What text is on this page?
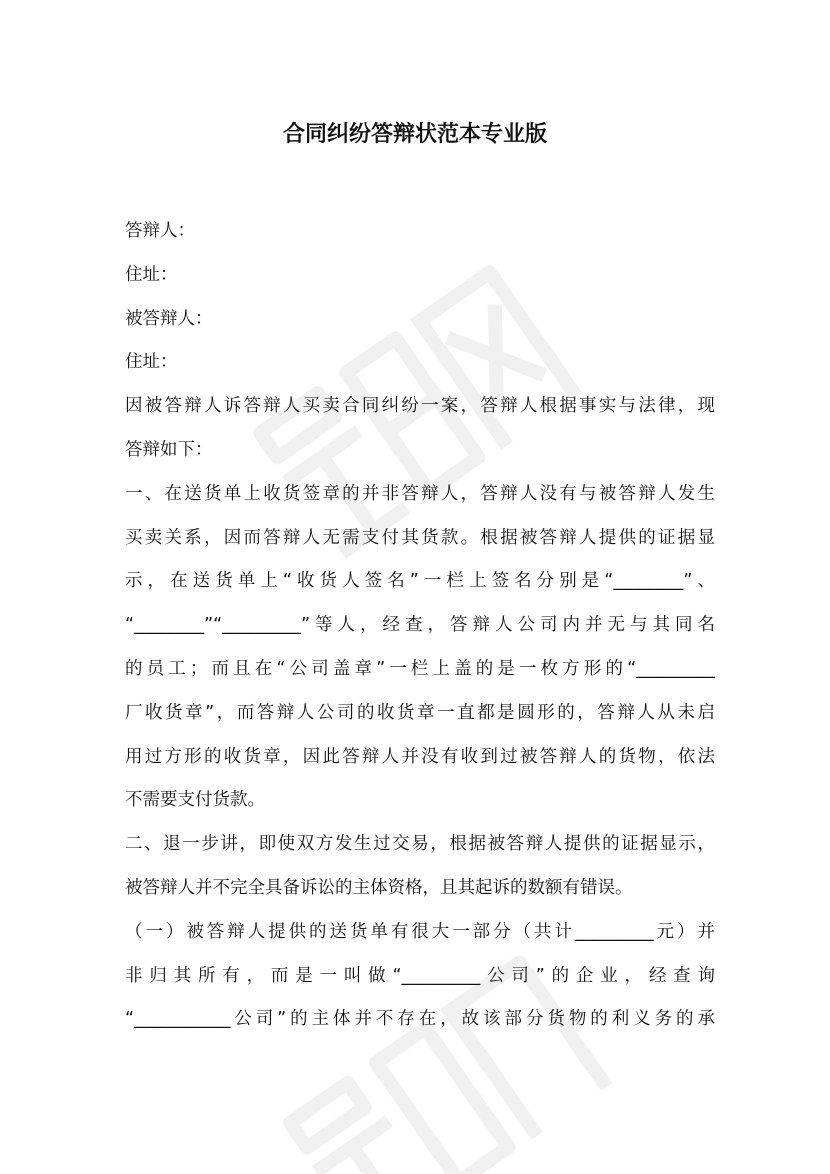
合同纠纷答辩状范本专业版
答辩人：
住址：
被答辩人：
住址：
因被答辩人诉答辩人买卖合同纠纷一案，答辩人根据事实与法律，现
答辩如下：
一、在送货单上收货签章的并非答辩人，答辩人没有与被答辩人发生
买卖关系，因而答辩人无需支付其货款。根据被答辩人提供的证据显
示，在送货单上“收货人签名”一栏上签名分别是“________”、
“________”“_________”等人，经查，答辩人公司内并无与其同名
的员工；而且在“公司盖章”一栏上盖的是一枚方形的“_________
厂收货章”，而答辩人公司的收货章一直都是圆形的，答辩人从未启
用过方形的收货章，因此答辩人并没有收到过被答辩人的货物，依法
不需要支付货款。
二、退一步讲，即使双方发生过交易，根据被答辩人提供的证据显示，
被答辩人并不完全具备诉讼的主体资格，且其起诉的数额有错误。
（一）被答辩人提供的送货单有很大一部分（共计_________元）并
非归其所有，而是一叫做“_________公司”的企业，经查询
“___________公司”的主体并不存在，故该部分货物的利义务的承
